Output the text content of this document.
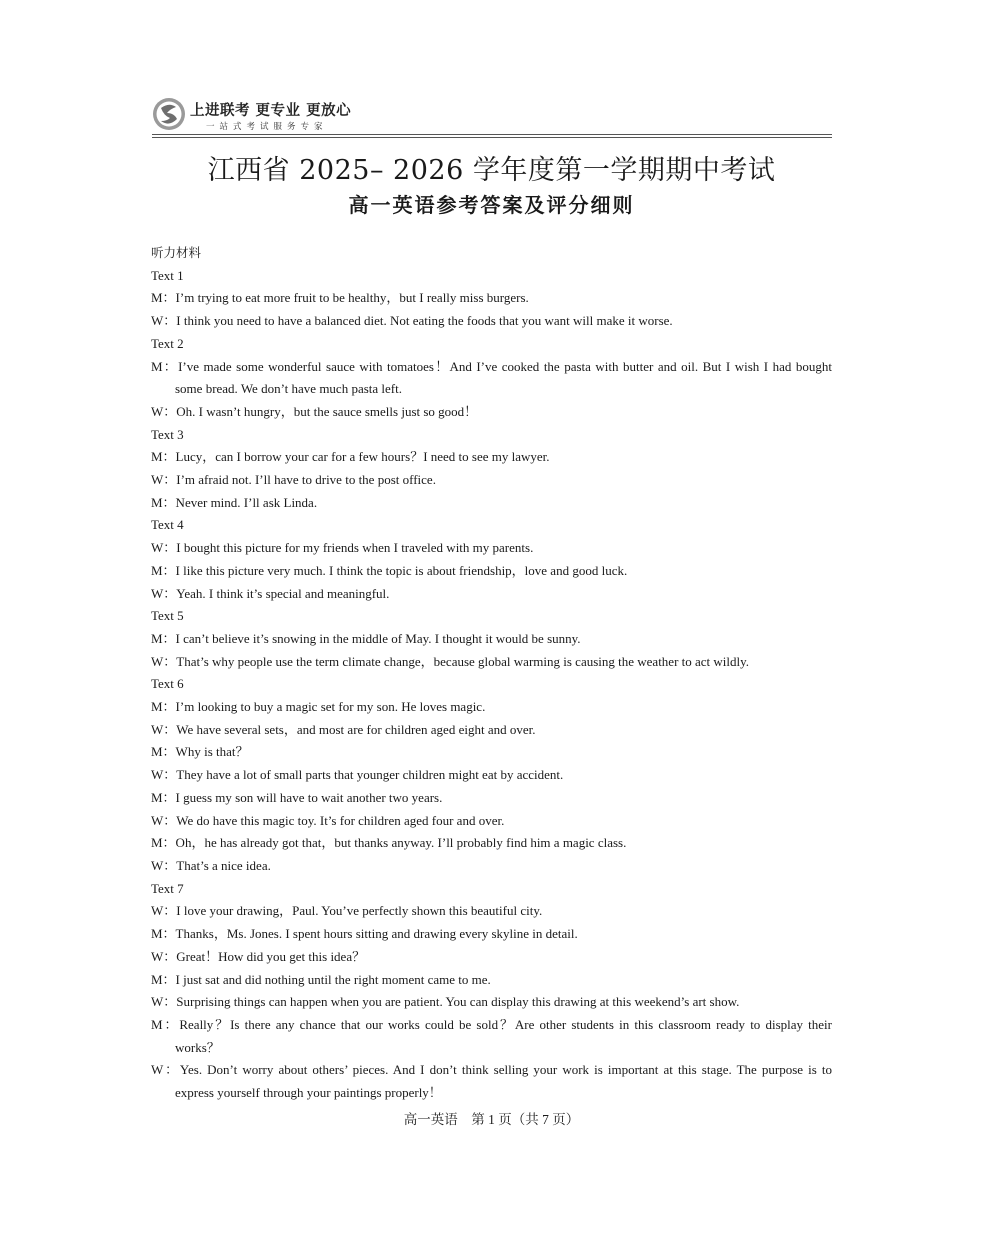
上进联考 更专业 更放心
一站式考试服务专家
江西省 2025– 2026 学年度第一学期期中考试
高一英语参考答案及评分细则
听力材料
Text 1
M：I’m trying to eat more fruit to be healthy，but I really miss burgers.
W：I think you need to have a balanced diet. Not eating the foods that you want will make it worse.
Text 2
M：I’ve made some wonderful sauce with tomatoes！And I’ve cooked the pasta with butter and oil. But I wish I had bought some bread. We don’t have much pasta left.
W：Oh. I wasn’t hungry，but the sauce smells just so good！
Text 3
M：Lucy，can I borrow your car for a few hours？I need to see my lawyer.
W：I’m afraid not. I’ll have to drive to the post office.
M：Never mind. I’ll ask Linda.
Text 4
W：I bought this picture for my friends when I traveled with my parents.
M：I like this picture very much. I think the topic is about friendship，love and good luck.
W：Yeah. I think it’s special and meaningful.
Text 5
M：I can’t believe it’s snowing in the middle of May. I thought it would be sunny.
W：That’s why people use the term climate change，because global warming is causing the weather to act wildly.
Text 6
M：I’m looking to buy a magic set for my son. He loves magic.
W：We have several sets，and most are for children aged eight and over.
M：Why is that？
W：They have a lot of small parts that younger children might eat by accident.
M：I guess my son will have to wait another two years.
W：We do have this magic toy. It’s for children aged four and over.
M：Oh，he has already got that，but thanks anyway. I’ll probably find him a magic class.
W：That’s a nice idea.
Text 7
W：I love your drawing，Paul. You’ve perfectly shown this beautiful city.
M：Thanks，Ms. Jones. I spent hours sitting and drawing every skyline in detail.
W：Great！How did you get this idea？
M：I just sat and did nothing until the right moment came to me.
W：Surprising things can happen when you are patient. You can display this drawing at this weekend’s art show.
M：Really？Is there any chance that our works could be sold？Are other students in this classroom ready to display their works？
W：Yes. Don’t worry about others’ pieces. And I don’t think selling your work is important at this stage. The purpose is to express yourself through your paintings properly！
高一英语　第 1 页（共 7 页）
